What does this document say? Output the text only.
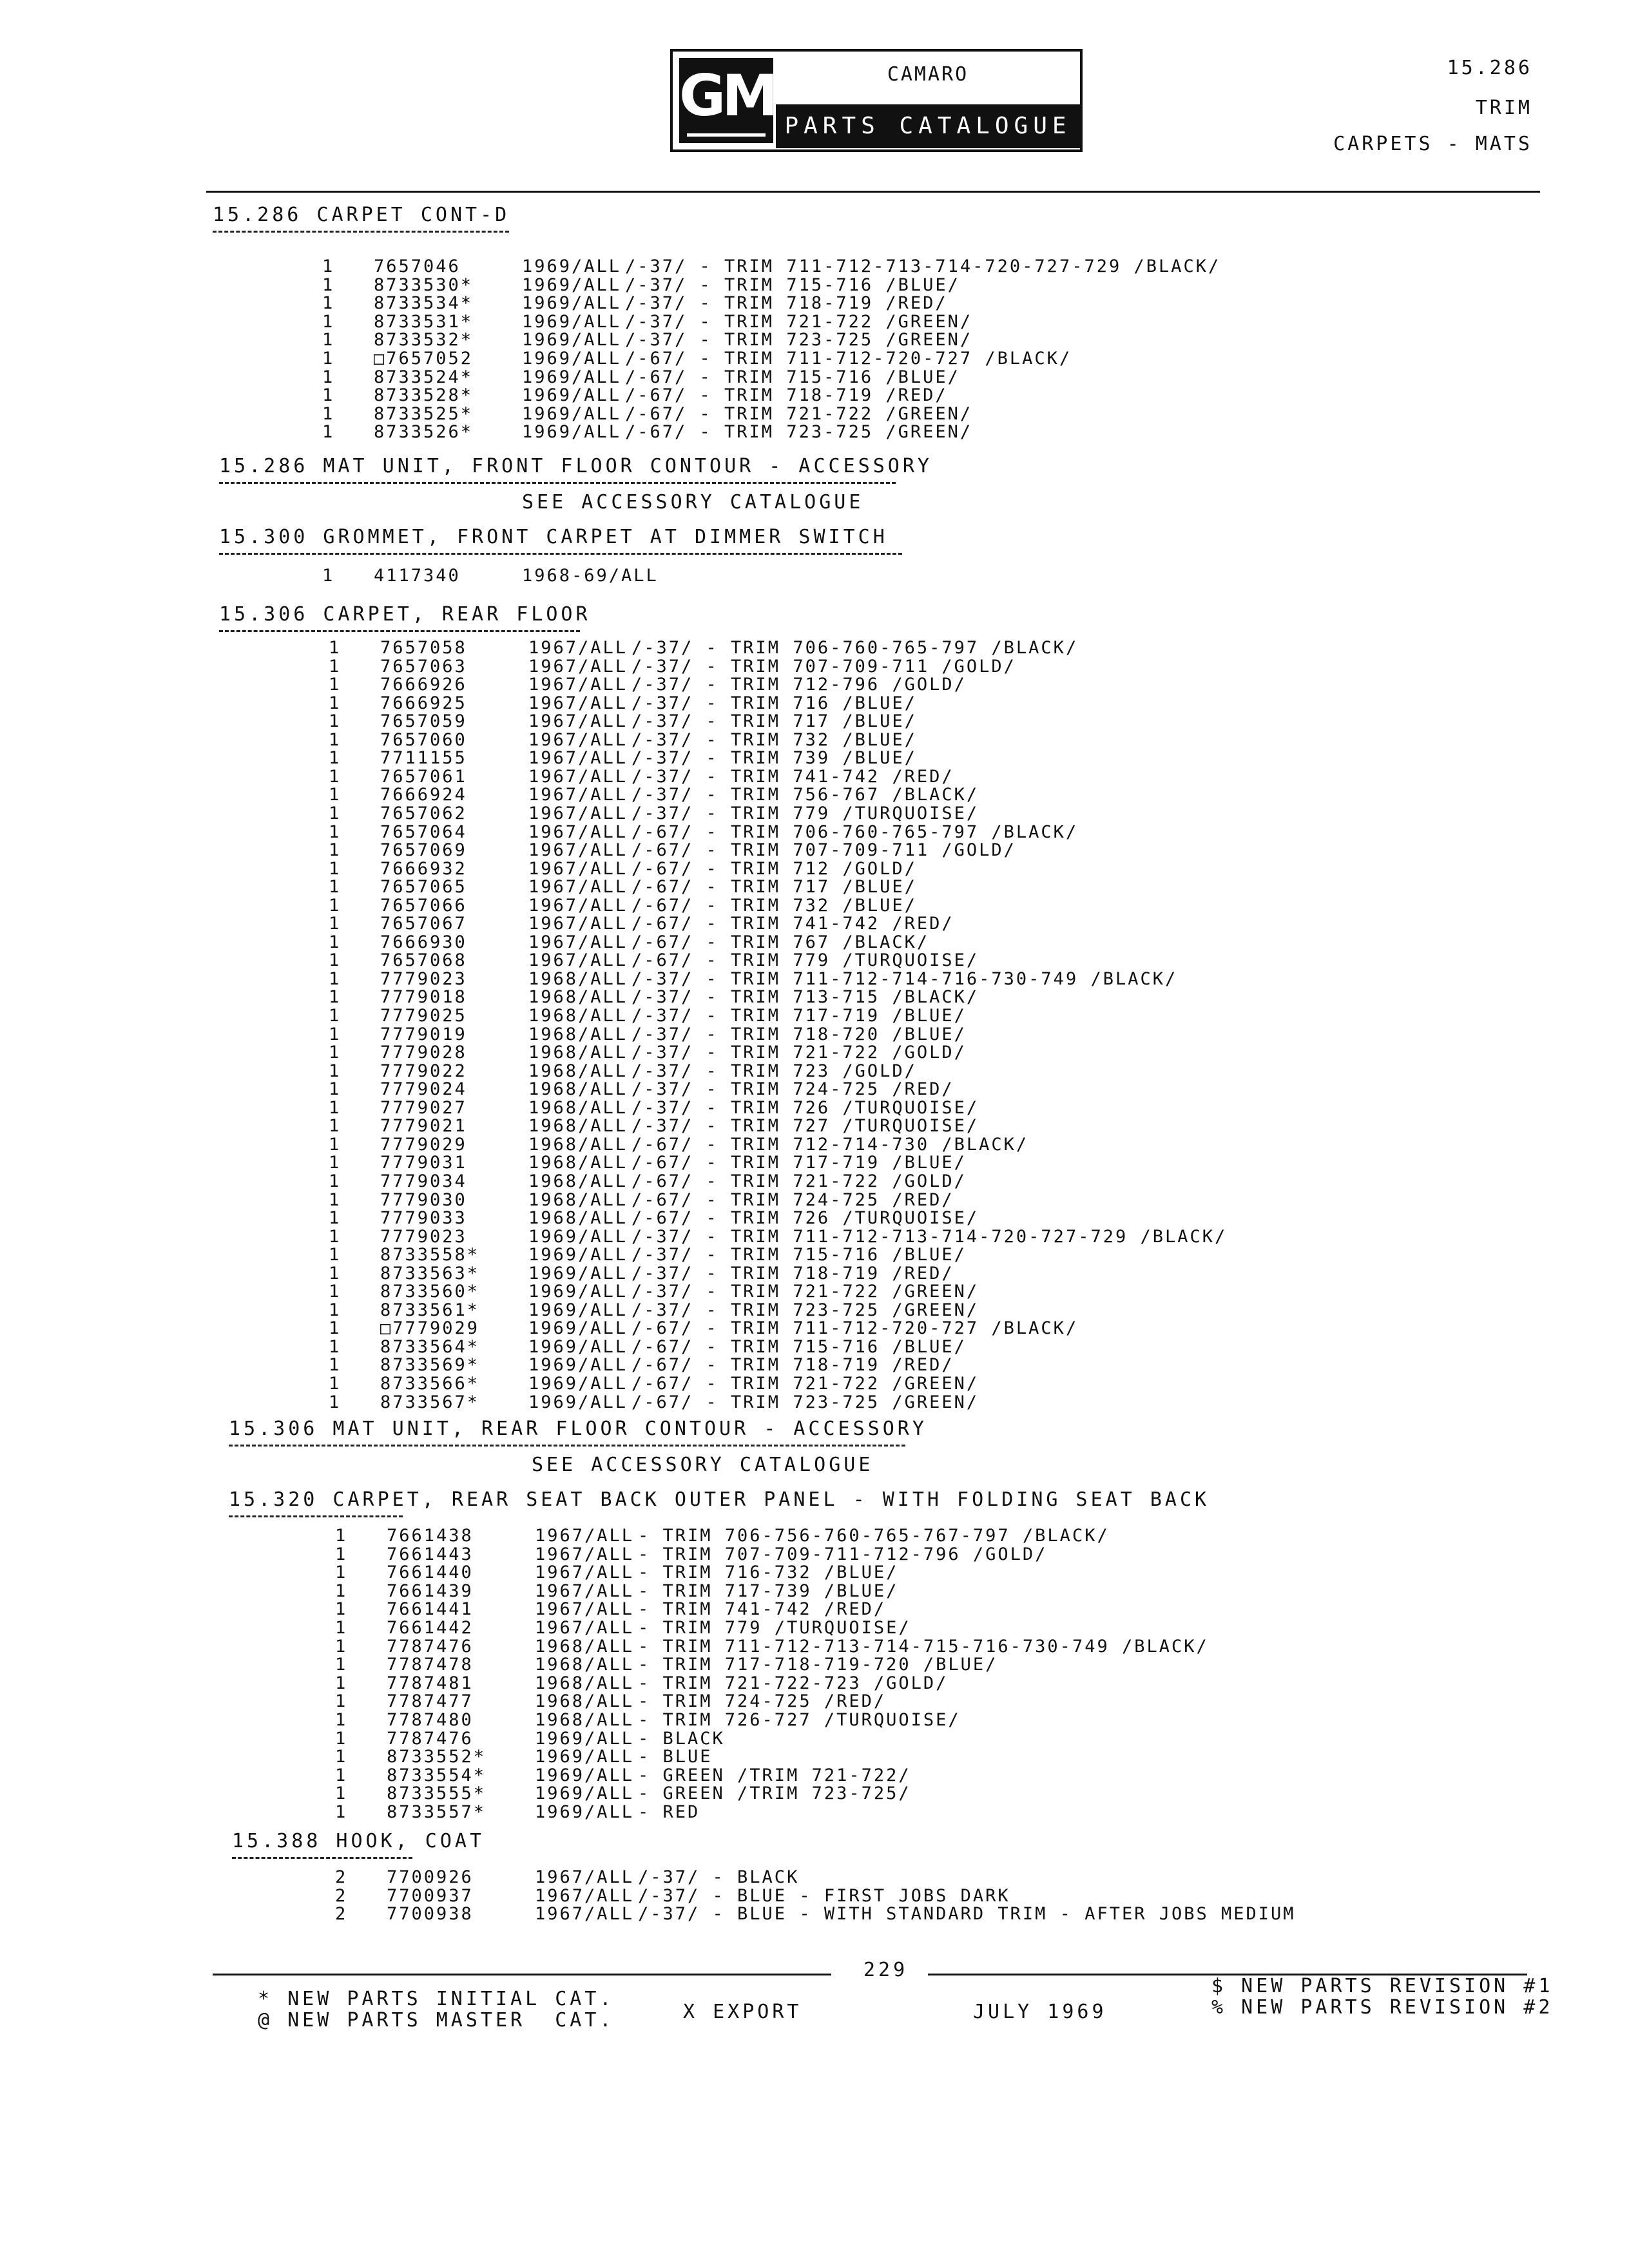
GM	CAMARO
PARTS CATALOGUE
15.286
TRIM
CARPETS - MATS
15.286 CARPET CONT-D
1 7657046	1969/ALL /-37/ - TRIM 711-712-713-714-720-727-729 /BLACK/
1 8733530*	1969/ALL /-37/ - TRIM 715-716 /BLUE/
1 8733534*	1969/ALL /-37/ - TRIM 718-719 /RED/
1 8733531*	1969/ALL /-37/ - TRIM 721-722 /GREEN/
1 8733532*	1969/ALL /-37/ - TRIM 723-725 /GREEN/
1 □7657052	1969/ALL /-67/ - TRIM 711-712-720-727 /BLACK/
1 8733524*	1969/ALL /-67/ - TRIM 715-716 /BLUE/
1 8733528*	1969/ALL /-67/ - TRIM 718-719 /RED/
1 8733525*	1969/ALL /-67/ - TRIM 721-722 /GREEN/
1 8733526*	1969/ALL /-67/ - TRIM 723-725 /GREEN/
15.286 MAT UNIT, FRONT FLOOR CONTOUR - ACCESSORY
SEE ACCESSORY CATALOGUE
15.300 GROMMET, FRONT CARPET AT DIMMER SWITCH
1 4117340	1968-69/ALL
15.306 CARPET, REAR FLOOR
1 7657058	1967/ALL /-37/ - TRIM 706-760-765-797 /BLACK/
1 7657063	1967/ALL /-37/ - TRIM 707-709-711 /GOLD/
1 7666926	1967/ALL /-37/ - TRIM 712-796 /GOLD/
1 7666925	1967/ALL /-37/ - TRIM 716 /BLUE/
1 7657059	1967/ALL /-37/ - TRIM 717 /BLUE/
1 7657060	1967/ALL /-37/ - TRIM 732 /BLUE/
1 7711155	1967/ALL /-37/ - TRIM 739 /BLUE/
1 7657061	1967/ALL /-37/ - TRIM 741-742 /RED/
1 7666924	1967/ALL /-37/ - TRIM 756-767 /BLACK/
1 7657062	1967/ALL /-37/ - TRIM 779 /TURQUOISE/
1 7657064	1967/ALL /-67/ - TRIM 706-760-765-797 /BLACK/
1 7657069	1967/ALL /-67/ - TRIM 707-709-711 /GOLD/
1 7666932	1967/ALL /-67/ - TRIM 712 /GOLD/
1 7657065	1967/ALL /-67/ - TRIM 717 /BLUE/
1 7657066	1967/ALL /-67/ - TRIM 732 /BLUE/
1 7657067	1967/ALL /-67/ - TRIM 741-742 /RED/
1 7666930	1967/ALL /-67/ - TRIM 767 /BLACK/
1 7657068	1967/ALL /-67/ - TRIM 779 /TURQUOISE/
1 7779023	1968/ALL /-37/ - TRIM 711-712-714-716-730-749 /BLACK/
1 7779018	1968/ALL /-37/ - TRIM 713-715 /BLACK/
1 7779025	1968/ALL /-37/ - TRIM 717-719 /BLUE/
1 7779019	1968/ALL /-37/ - TRIM 718-720 /BLUE/
1 7779028	1968/ALL /-37/ - TRIM 721-722 /GOLD/
1 7779022	1968/ALL /-37/ - TRIM 723 /GOLD/
1 7779024	1968/ALL /-37/ - TRIM 724-725 /RED/
1 7779027	1968/ALL /-37/ - TRIM 726 /TURQUOISE/
1 7779021	1968/ALL /-37/ - TRIM 727 /TURQUOISE/
1 7779029	1968/ALL /-67/ - TRIM 712-714-730 /BLACK/
1 7779031	1968/ALL /-67/ - TRIM 717-719 /BLUE/
1 7779034	1968/ALL /-67/ - TRIM 721-722 /GOLD/
1 7779030	1968/ALL /-67/ - TRIM 724-725 /RED/
1 7779033	1968/ALL /-67/ - TRIM 726 /TURQUOISE/
1 7779023	1969/ALL /-37/ - TRIM 711-712-713-714-720-727-729 /BLACK/
1 8733558*	1969/ALL /-37/ - TRIM 715-716 /BLUE/
1 8733563*	1969/ALL /-37/ - TRIM 718-719 /RED/
1 8733560*	1969/ALL /-37/ - TRIM 721-722 /GREEN/
1 8733561*	1969/ALL /-37/ - TRIM 723-725 /GREEN/
1 □7779029	1969/ALL /-67/ - TRIM 711-712-720-727 /BLACK/
1 8733564*	1969/ALL /-67/ - TRIM 715-716 /BLUE/
1 8733569*	1969/ALL /-67/ - TRIM 718-719 /RED/
1 8733566*	1969/ALL /-67/ - TRIM 721-722 /GREEN/
1 8733567*	1969/ALL /-67/ - TRIM 723-725 /GREEN/
15.306 MAT UNIT, REAR FLOOR CONTOUR - ACCESSORY
SEE ACCESSORY CATALOGUE
15.320 CARPET, REAR SEAT BACK OUTER PANEL - WITH FOLDING SEAT BACK
1 7661438	1967/ALL - TRIM 706-756-760-765-767-797 /BLACK/
1 7661443	1967/ALL - TRIM 707-709-711-712-796 /GOLD/
1 7661440	1967/ALL - TRIM 716-732 /BLUE/
1 7661439	1967/ALL - TRIM 717-739 /BLUE/
1 7661441	1967/ALL - TRIM 741-742 /RED/
1 7661442	1967/ALL - TRIM 779 /TURQUOISE/
1 7787476	1968/ALL - TRIM 711-712-713-714-715-716-730-749 /BLACK/
1 7787478	1968/ALL - TRIM 717-718-719-720 /BLUE/
1 7787481	1968/ALL - TRIM 721-722-723 /GOLD/
1 7787477	1968/ALL - TRIM 724-725 /RED/
1 7787480	1968/ALL - TRIM 726-727 /TURQUOISE/
1 7787476	1969/ALL - BLACK
1 8733552*	1969/ALL - BLUE
1 8733554*	1969/ALL - GREEN /TRIM 721-722/
1 8733555*	1969/ALL - GREEN /TRIM 723-725/
1 8733557*	1969/ALL - RED
15.388 HOOK, COAT
2 7700926	1967/ALL /-37/ - BLACK
2 7700937	1967/ALL /-37/ - BLUE - FIRST JOBS DARK
2 7700938	1967/ALL /-37/ - BLUE - WITH STANDARD TRIM - AFTER JOBS MEDIUM
229
* NEW PARTS INITIAL CAT.
@ NEW PARTS MASTER  CAT.	X EXPORT	JULY 1969
$ NEW PARTS REVISION #1
% NEW PARTS REVISION #2
